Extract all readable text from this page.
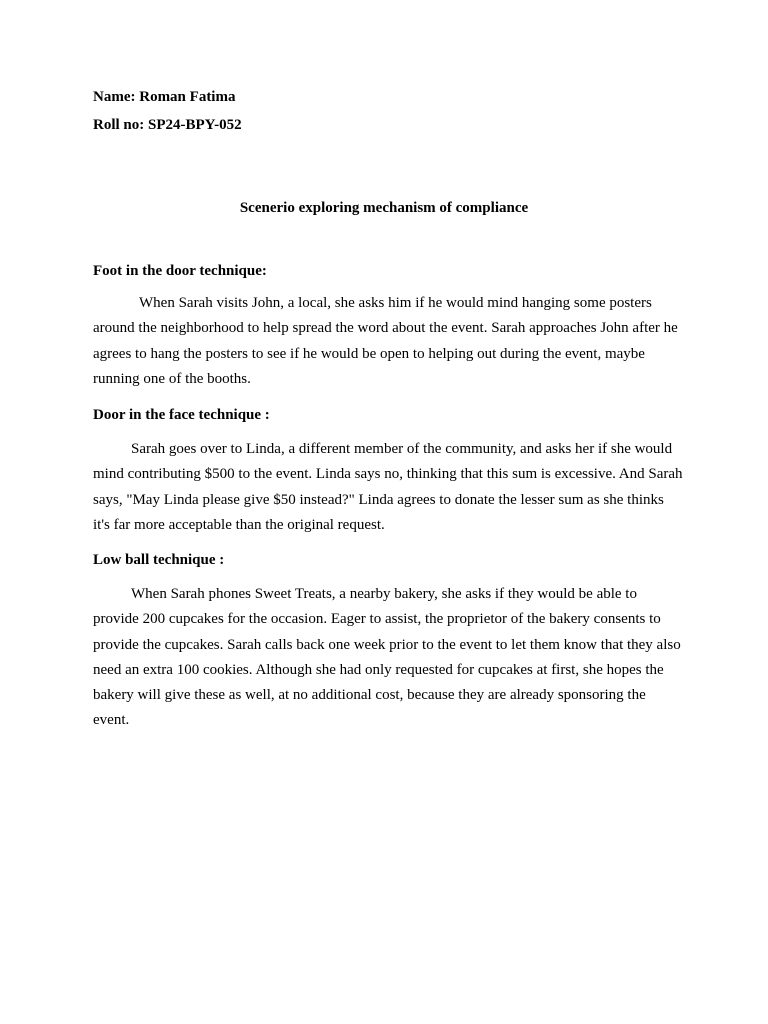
Name: Roman Fatima
Roll no: SP24-BPY-052
Scenerio exploring mechanism of compliance
Foot in the door technique:

When Sarah visits John, a local, she asks him if he would mind hanging some posters around the neighborhood to help spread the word about the event. Sarah approaches John after he agrees to hang the posters to see if he would be open to helping out during the event, maybe running one of the booths.

Door in the face technique :

Sarah goes over to Linda, a different member of the community, and asks her if she would mind contributing $500 to the event. Linda says no, thinking that this sum is excessive. And Sarah says, "May Linda please give $50 instead?" Linda agrees to donate the lesser sum as she thinks it's far more acceptable than the original request.

Low ball technique :

When Sarah phones Sweet Treats, a nearby bakery, she asks if they would be able to provide 200 cupcakes for the occasion. Eager to assist, the proprietor of the bakery consents to provide the cupcakes. Sarah calls back one week prior to the event to let them know that they also need an extra 100 cookies. Although she had only requested for cupcakes at first, she hopes the bakery will give these as well, at no additional cost, because they are already sponsoring the event.
